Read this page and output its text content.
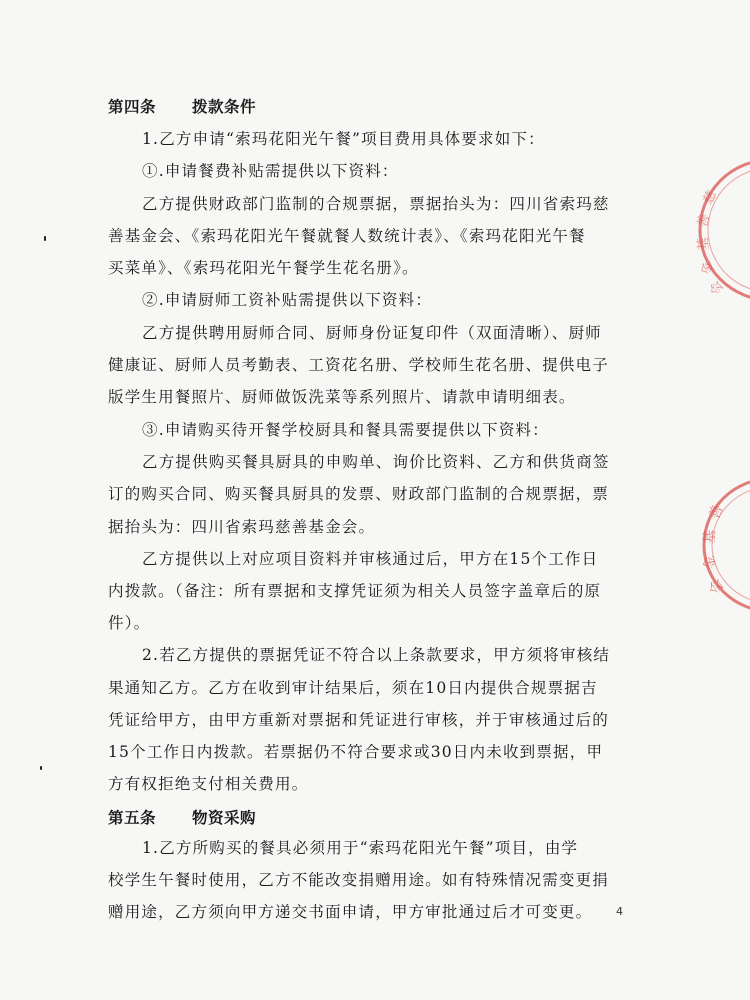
第四条 拨款条件
1.乙方申请“索玛花阳光午餐”项目费用具体要求如下：
①.申请餐费补贴需提供以下资料：
乙方提供财政部门监制的合规票据，票据抬头为：四川省索玛慈
善基金会、《索玛花阳光午餐就餐人数统计表》、《索玛花阳光午餐
买菜单》、《索玛花阳光午餐学生花名册》。
②.申请厨师工资补贴需提供以下资料：
乙方提供聘用厨师合同、厨师身份证复印件（双面清晰）、厨师
健康证、厨师人员考勤表、工资花名册、学校师生花名册、提供电子
版学生用餐照片、厨师做饭洗菜等系列照片、请款申请明细表。
③.申请购买待开餐学校厨具和餐具需要提供以下资料：
乙方提供购买餐具厨具的申购单、询价比资料、乙方和供货商签
订的购买合同、购买餐具厨具的发票、财政部门监制的合规票据，票
据抬头为：四川省索玛慈善基金会。
乙方提供以上对应项目资料并审核通过后，甲方在15个工作日
内拨款。（备注：所有票据和支撑凭证须为相关人员签字盖章后的原
件）。
2.若乙方提供的票据凭证不符合以上条款要求，甲方须将审核结
果通知乙方。乙方在收到审计结果后，须在10日内提供合规票据吉
凭证给甲方，由甲方重新对票据和凭证进行审核，并于审核通过后的
15个工作日内拨款。若票据仍不符合要求或30日内未收到票据，甲
方有权拒绝支付相关费用。
第五条 物资采购
1.乙方所购买的餐具必须用于“索玛花阳光午餐”项目，由学
校学生午餐时使用，乙方不能改变捐赠用途。如有特殊情况需变更捐
赠用途，乙方须向甲方递交书面申请，甲方审批通过后才可变更。 4
慈
善
基
金
会
善
基
金
会
